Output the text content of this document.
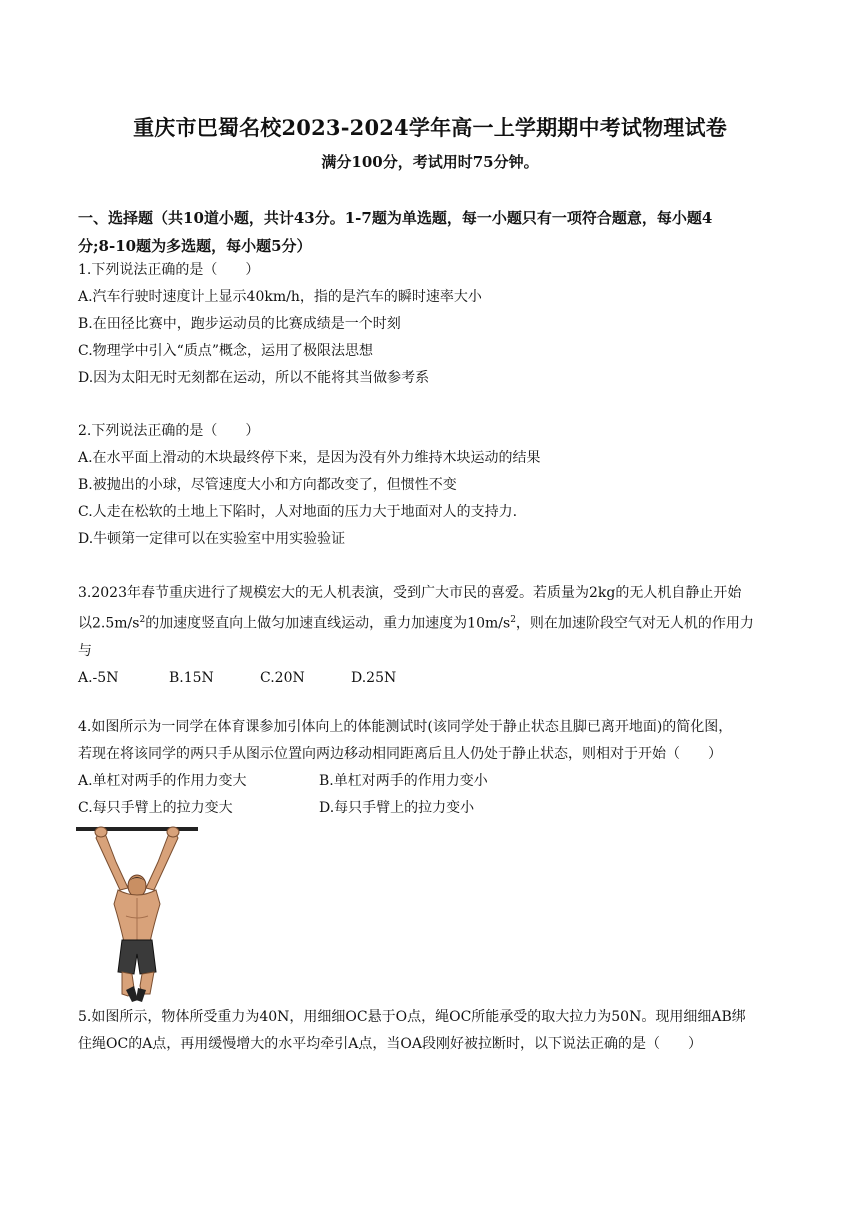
重庆市巴蜀名校2023-2024学年高一上学期期中考试物理试卷
满分100分，考试用时75分钟。
一、选择题（共10道小题，共计43分。1-7题为单选题，每一小题只有一项符合题意，每小题4
分;8-10题为多选题，每小题5分）
1.下列说法正确的是（　　）
A.汽车行驶时速度计上显示40km/h，指的是汽车的瞬时速率大小
B.在田径比赛中，跑步运动员的比赛成绩是一个时刻
C.物理学中引入“质点”概念，运用了极限法思想
D.因为太阳无时无刻都在运动，所以不能将其当做参考系
2.下列说法正确的是（　　）
A.在水平面上滑动的木块最终停下来，是因为没有外力维持木块运动的结果
B.被抛出的小球，尽管速度大小和方向都改变了，但惯性不变
C.人走在松软的土地上下陷时，人对地面的压力大于地面对人的支持力.
D.牛顿第一定律可以在实验室中用实验验证
3.2023年春节重庆进行了规模宏大的无人机表演，受到广大市民的喜爱。若质量为2kg的无人机自静止开始
以$2.5m/s^2$的加速度竖直向上做匀加速直线运动，重力加速度为$10m/s^2$，则在加速阶段空气对无人机的作用力
与
A.-5N	B.15N	C.20N	D.25N
4.如图所示为一同学在体育课参加引体向上的体能测试时(该同学处于静止状态且脚已离开地面)的简化图，
若现在将该同学的两只手从图示位置向两边移动相同距离后且人仍处于静止状态，则相对于开始（　　）
A.单杠对两手的作用力变大	B.单杠对两手的作用力变小
C.每只手臂上的拉力变大	D.每只手臂上的拉力变小
5.如图所示，物体所受重力为40N，用细细OC悬于O点，绳OC所能承受的取大拉力为50N。现用细细AB绑
住绳OC的A点，再用缓慢增大的水平均牵引A点，当OA段刚好被拉断时，以下说法正确的是（　　）
